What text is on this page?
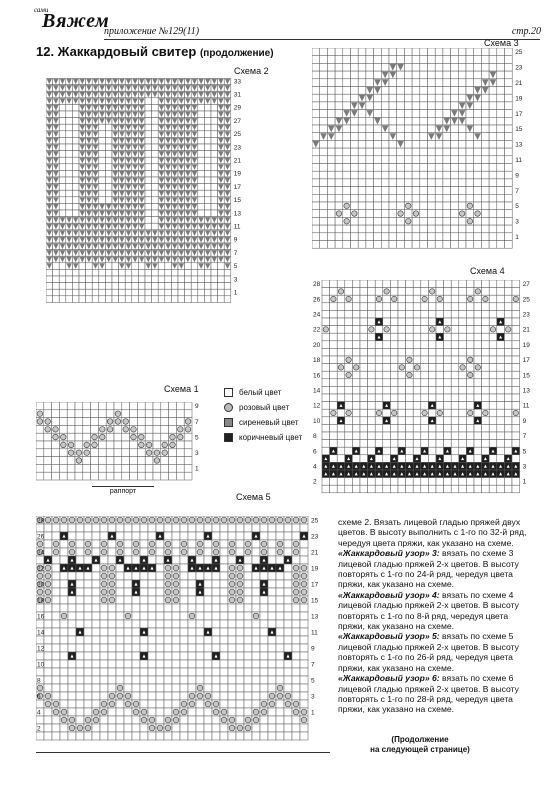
сами
Вяжем
приложение №129(11)	стр.20
12. Жаккардовый свитер (продолжение)
Схема 2
Схема 3
Схема 4
Схема 1
Схема 5
33
31
29
27
25
23
21
19
17
15
13
11
9
7
5
3
1
25
23
21
19
17
15
13
11
9
7
5
3
1
27
25
23
21
19
17
15
13
11
9
7
5
3
1
28
26
24
22
20
18
16
14
12
10
8
6
4
2
9
7
5
3
1
25
23
21
19
17
15
13
11
9
7
5
3
1
28
26
24
22
20
18
16
14
12
10
8
6
4
2
раппорт
белый цвет
розовый цвет
сиреневый цвет
коричневый цвет

схеме 2. Вязать лицевой гладью пряжей двух цветов. В высоту выполнить с 1-го по 32-й ряд, чередуя цвета пряжи, как указано на схеме.

«Жаккардовый узор» 3: вязать по схеме 3 лицевой гладью пряжей 2-х цветов. В высоту повторять с 1-го по 24-й ряд, чередуя цвета пряжи, как указано на схеме.

«Жаккардовый узор» 4: вязать по схеме 4 лицевой гладью пряжей 2-х цветов. В высоту повторять с 1-го по 8-й ряд, чередуя цвета пряжи, как указано на схеме.

«Жаккардовый узор» 5: вязать по схеме 5 лицевой гладью пряжей 2-х цветов. В высоту повторять с 1-го по 26-й ряд, чередуя цвета пряжи, как указано на схеме.

«Жаккардовый узор» 6: вязать по схеме 6 лицевой гладью пряжей 2-х цветов. В высоту повторять с 1-го по 28-й ряд, чередуя цвета пряжи, как указано на схеме.

(Продолжение
на следующей странице)
